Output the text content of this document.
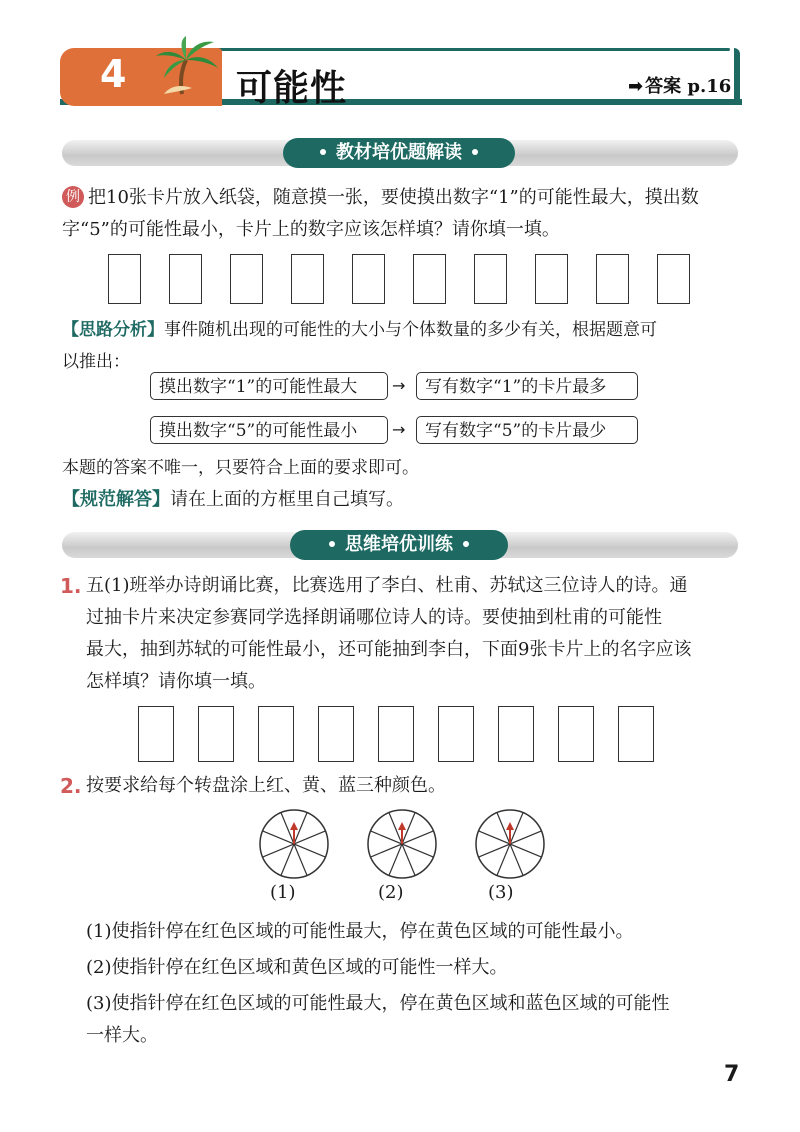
4	可能性	➡ 答案 p.16
教材培优题解读
例 把10张卡片放入纸袋，随意摸一张，要使摸出数字“1”的可能性最大，摸出数
字“5”的可能性最小，卡片上的数字应该怎样填？请你填一填。
【思路分析】事件随机出现的可能性的大小与个体数量的多少有关，根据题意可
以推出：
摸出数字“1”的可能性最大	→	写有数字“1”的卡片最多
摸出数字“5”的可能性最小	→	写有数字“5”的卡片最少
本题的答案不唯一，只要符合上面的要求即可。
【规范解答】请在上面的方框里自己填写。
思维培优训练
1. 五(1)班举办诗朗诵比赛，比赛选用了李白、杜甫、苏轼这三位诗人的诗。通
过抽卡片来决定参赛同学选择朗诵哪位诗人的诗。要使抽到杜甫的可能性
最大，抽到苏轼的可能性最小，还可能抽到李白，下面9张卡片上的名字应该
怎样填？请你填一填。
2. 按要求给每个转盘涂上红、黄、蓝三种颜色。
(1)	(2)	(3)
(1)使指针停在红色区域的可能性最大，停在黄色区域的可能性最小。
(2)使指针停在红色区域和黄色区域的可能性一样大。
(3)使指针停在红色区域的可能性最大，停在黄色区域和蓝色区域的可能性
一样大。
7
